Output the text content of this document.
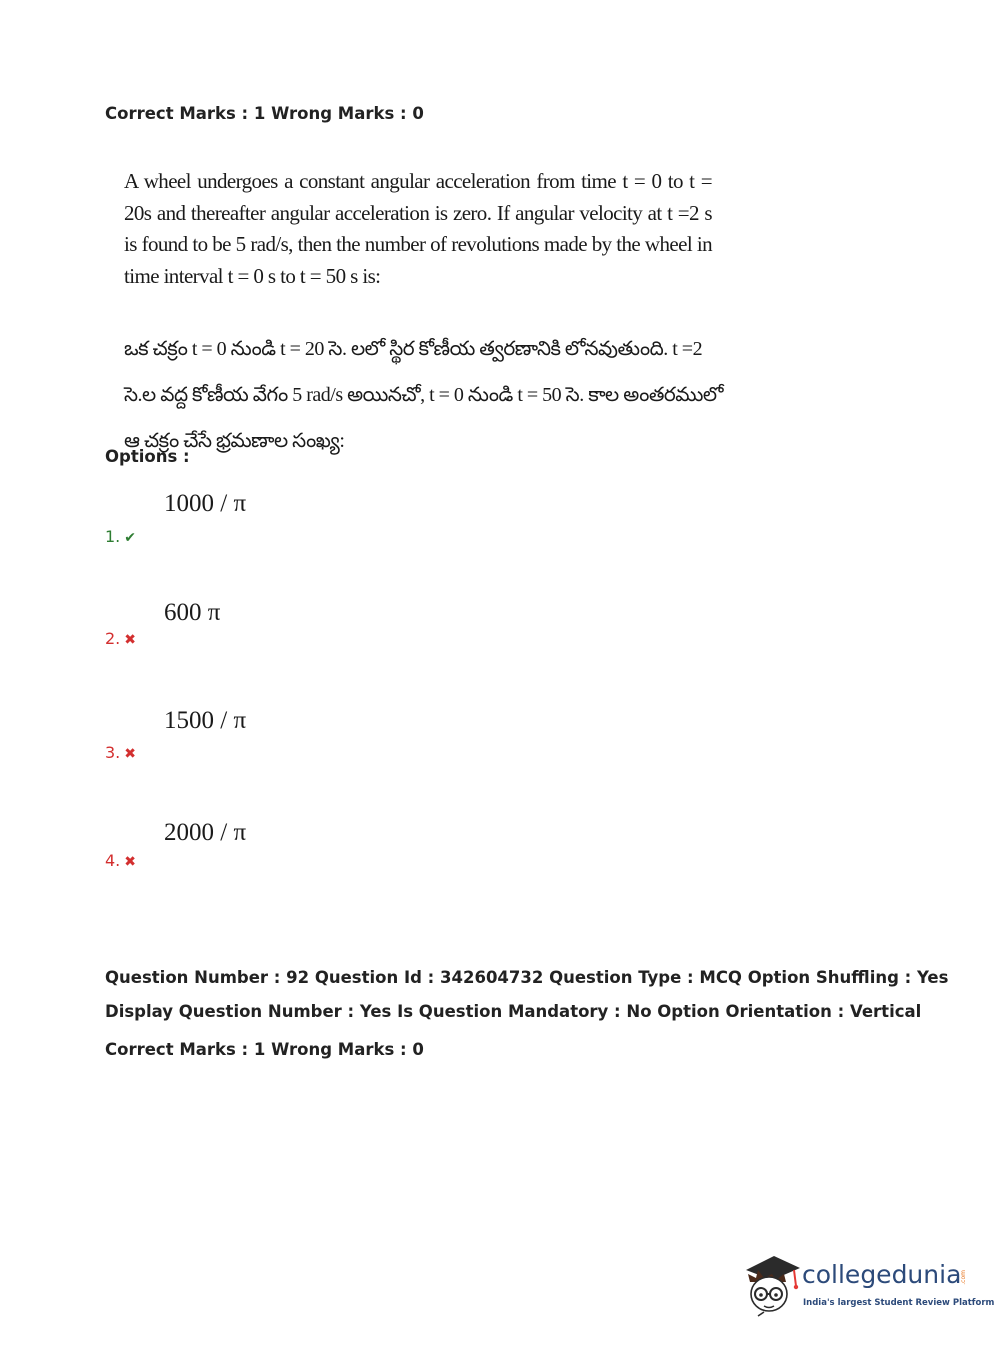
Correct Marks : 1 Wrong Marks : 0
A wheel undergoes a constant angular acceleration from time t = 0 to t = 20s and thereafter angular acceleration is zero. If angular velocity at t =2 s is found to be 5 rad/s, then the number of revolutions made by the wheel in time interval t = 0 s to t = 50 s is:
ఒక చక్రం t = 0 నుండి t = 20 సె. లలో స్థిర కోణీయ త్వరణానికి లోనవుతుంది. t =2 సె.ల వద్ద కోణీయ వేగం 5 rad/s అయినచో, t = 0 నుండి t = 50 సె. కాల అంతరములో ఆ చక్రం చేసే భ్రమణాల సంఖ్య:
Options :
1000 / π
1. ✔
600 π
2. ✖
1500 / π
3. ✖
2000 / π
4. ✖
Question Number : 92 Question Id : 342604732 Question Type : MCQ Option Shuffling : Yes
Display Question Number : Yes Is Question Mandatory : No Option Orientation : Vertical
Correct Marks : 1 Wrong Marks : 0
collegedunia
.com
India's largest Student Review Platform
